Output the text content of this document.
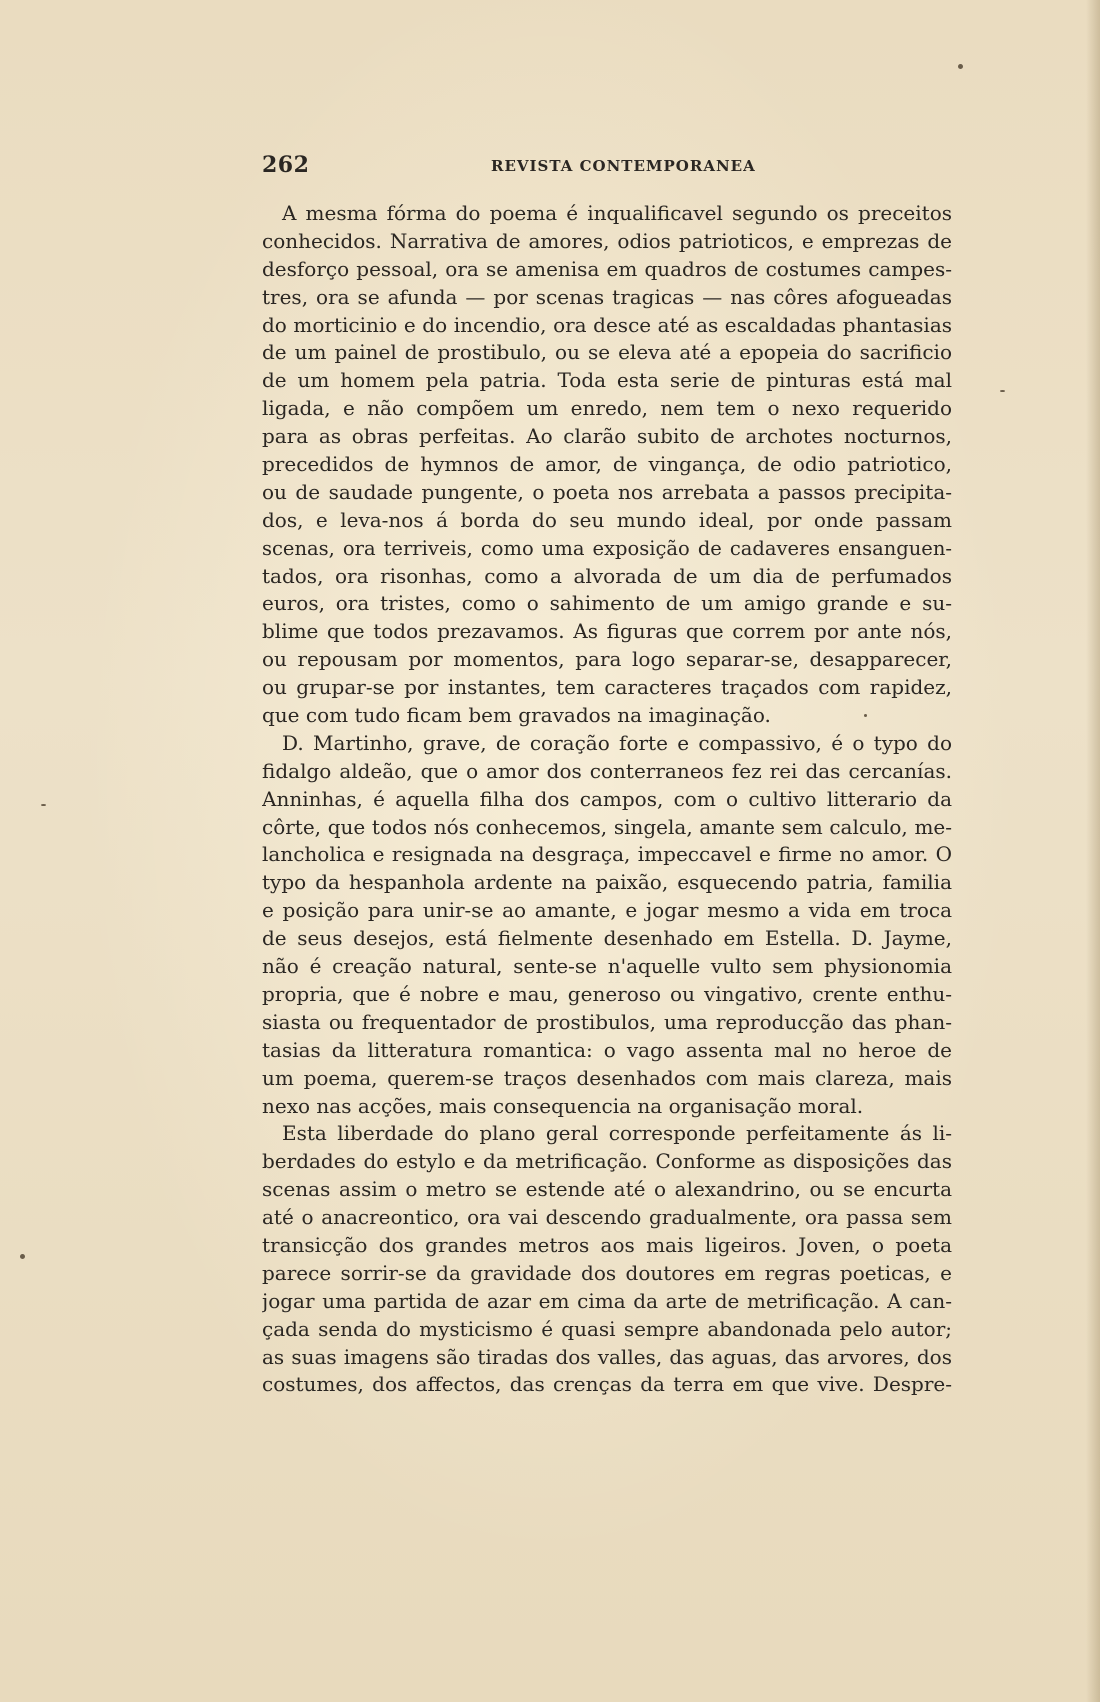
262	REVISTA CONTEMPORANEA
A mesma fórma do poema é inqualificavel segundo os preceitos
conhecidos. Narrativa de amores, odios patrioticos, e emprezas de
desforço pessoal, ora se amenisa em quadros de costumes campes-
tres, ora se afunda — por scenas tragicas — nas côres afogueadas
do morticinio e do incendio, ora desce até as escaldadas phantasias
de um painel de prostibulo, ou se eleva até a epopeia do sacrificio
de um homem pela patria. Toda esta serie de pinturas está mal
ligada, e não compõem um enredo, nem tem o nexo requerido
para as obras perfeitas. Ao clarão subito de archotes nocturnos,
precedidos de hymnos de amor, de vingança, de odio patriotico,
ou de saudade pungente, o poeta nos arrebata a passos precipita-
dos, e leva-nos á borda do seu mundo ideal, por onde passam
scenas, ora terriveis, como uma exposição de cadaveres ensanguen-
tados, ora risonhas, como a alvorada de um dia de perfumados
euros, ora tristes, como o sahimento de um amigo grande e su-
blime que todos prezavamos. As figuras que correm por ante nós,
ou repousam por momentos, para logo separar-se, desapparecer,
ou grupar-se por instantes, tem caracteres traçados com rapidez,
que com tudo ficam bem gravados na imaginação.
D. Martinho, grave, de coração forte e compassivo, é o typo do
fidalgo aldeão, que o amor dos conterraneos fez rei das cercanías.
Anninhas, é aquella filha dos campos, com o cultivo litterario da
côrte, que todos nós conhecemos, singela, amante sem calculo, me-
lancholica e resignada na desgraça, impeccavel e firme no amor. O
typo da hespanhola ardente na paixão, esquecendo patria, familia
e posição para unir-se ao amante, e jogar mesmo a vida em troca
de seus desejos, está fielmente desenhado em Estella. D. Jayme,
não é creação natural, sente-se n'aquelle vulto sem physionomia
propria, que é nobre e mau, generoso ou vingativo, crente enthu-
siasta ou frequentador de prostibulos, uma reproducção das phan-
tasias da litteratura romantica: o vago assenta mal no heroe de
um poema, querem-se traços desenhados com mais clareza, mais
nexo nas acções, mais consequencia na organisação moral.
Esta liberdade do plano geral corresponde perfeitamente ás li-
berdades do estylo e da metrificação. Conforme as disposições das
scenas assim o metro se estende até o alexandrino, ou se encurta
até o anacreontico, ora vai descendo gradualmente, ora passa sem
transicção dos grandes metros aos mais ligeiros. Joven, o poeta
parece sorrir-se da gravidade dos doutores em regras poeticas, e
jogar uma partida de azar em cima da arte de metrificação. A can-
çada senda do mysticismo é quasi sempre abandonada pelo autor;
as suas imagens são tiradas dos valles, das aguas, das arvores, dos
costumes, dos affectos, das crenças da terra em que vive. Despre-
